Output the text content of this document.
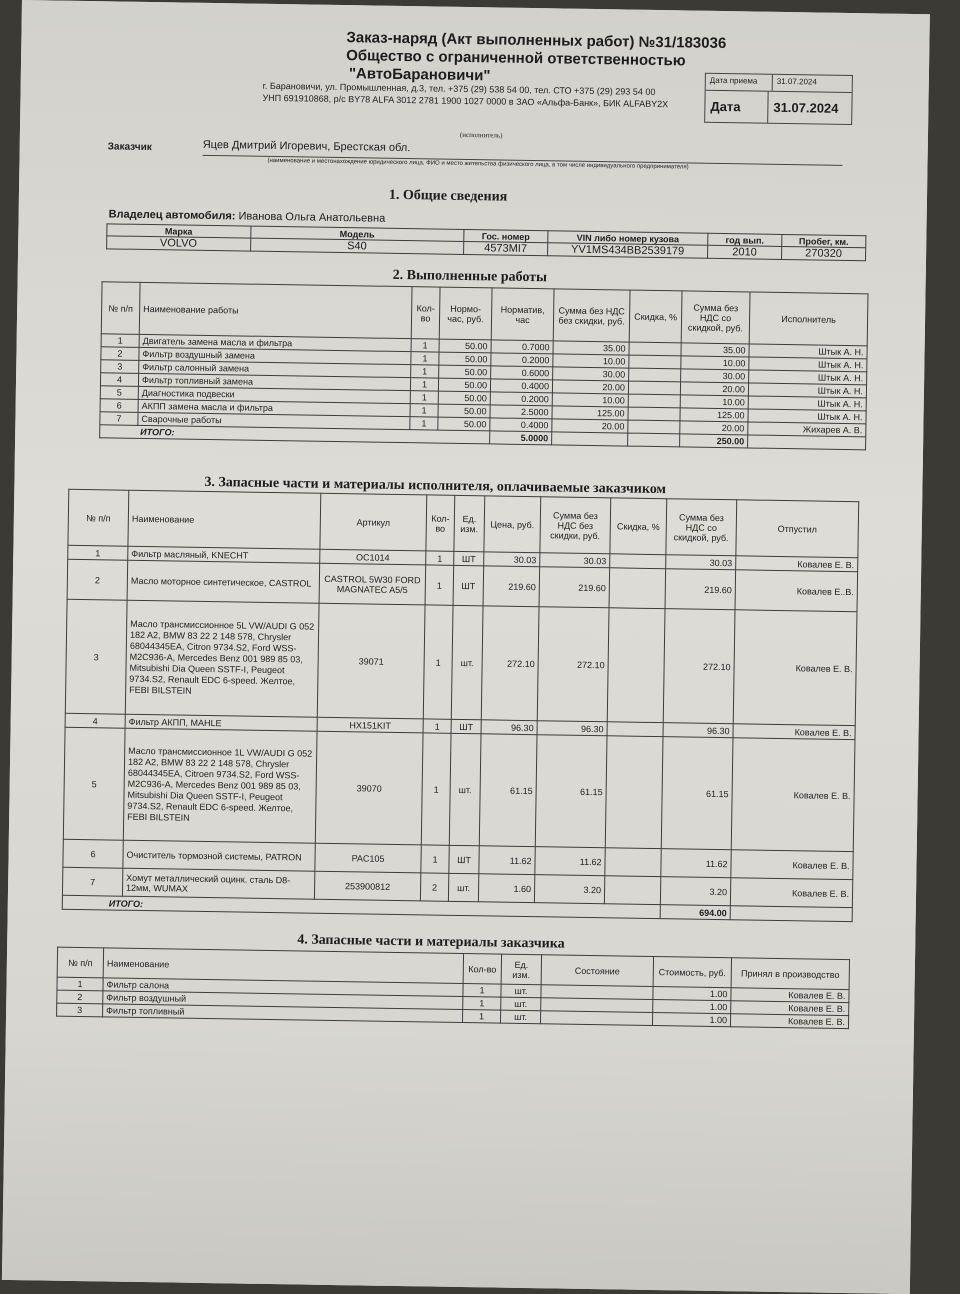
Заказ-наряд (Акт выполненных работ) №31/183036
Общество с ограниченной ответственностью
"АвтоБарановичи"
г. Барановичи, ул. Промышленная, д.3, тел. +375 (29) 538 54 00, тел. СТО +375 (29) 293 54 00
УНП 691910868, р/с BY78 ALFA 3012 2781 1900 1027 0000 в ЗАО «Альфа-Банк», БИК ALFABY2X
(исполнитель)
Дата приема	31.07.2024
Дата	31.07.2024
Заказчик	Яцев Дмитрий Игоревич, Брестская обл.
(наименование и местонахождение юридического лица, ФИО и место жительства физического лица, в том числе индивидуального предпринимателя)
1. Общие сведения
Владелец автомобиля: Иванова Ольга Анатольевна
Марка	Модель	Гос. номер	VIN либо номер кузова	год вып.	Пробег, км.
VOLVO	S40	4573MI7	YV1MS434BB2539179	2010	270320
2. Выполненные работы
№ п/п	Наименование работы	Кол-во	Нормо-час, руб.	Норматив, час	Сумма без НДС без скидки, руб.	Скидка, %	Сумма без НДС со скидкой, руб.	Исполнитель
1	Двигатель замена масла и фильтра	1	50.00	0.7000	35.00		35.00	Штык А. Н.
2	Фильтр воздушный замена	1	50.00	0.2000	10.00		10.00	Штык А. Н.
3	Фильтр салонный замена	1	50.00	0.6000	30.00		30.00	Штык А. Н.
4	Фильтр топливный замена	1	50.00	0.4000	20.00		20.00	Штык А. Н.
5	Диагностика подвески	1	50.00	0.2000	10.00		10.00	Штык А. Н.
6	АКПП замена масла и фильтра	1	50.00	2.5000	125.00		125.00	Штык А. Н.
7	Сварочные работы	1	50.00	0.4000	20.00		20.00	Жихарев А. В.
ИТОГО:				5.0000			250.00	
3. Запасные части и материалы исполнителя, оплачиваемые заказчиком
№ п/п	Наименование	Артикул	Кол-во	Ед. изм.	Цена, руб.	Сумма без НДС без скидки, руб.	Скидка, %	Сумма без НДС со скидкой, руб.	Отпустил
1	Фильтр масляный, KNECHT	OC1014	1	ШТ	30.03	30.03		30.03	Ковалев Е. В.
2	Масло моторное синтетическое, CASTROL	CASTROL 5W30 FORD MAGNATEC A5/5	1	ШТ	219.60	219.60		219.60	Ковалев Е..В.
3	Масло трансмиссионное 5L VW/AUDI G 052 182 A2, BMW 83 22 2 148 578, Chrysler 68044345EA, Citron 9734.S2, Ford WSS-M2C936-A, Mercedes Benz 001 989 85 03, Mitsubishi Dia Queen SSTF-I, Peugeot 9734.S2, Renault EDC 6-speed. Желтое, FEBI BILSTEIN	39071	1	шт.	272.10	272.10		272.10	Ковалев Е. В.
4	Фильтр АКПП, MAHLE	HX151KIT	1	ШТ	96.30	96.30		96.30	Ковалев Е. В.
5	Масло трансмиссионное 1L VW/AUDI G 052 182 A2, BMW 83 22 2 148 578, Chrysler 68044345EA, Citroen 9734.S2, Ford WSS-M2C936-A, Mercedes Benz 001 989 85 03, Mitsubishi Dia Queen SSTF-I, Peugeot 9734.S2, Renault EDC 6-speed. Желтое, FEBI BILSTEIN	39070	1	шт.	61.15	61.15		61.15	Ковалев Е. В.
6	Очиститель тормозной системы, PATRON	PAC105	1	ШТ	11.62	11.62		11.62	Ковалев Е. В.
7	Хомут металлический оцинк. сталь D8-12мм, WUMAX	253900812	2	шт.	1.60	3.20		3.20	Ковалев Е. В.
ИТОГО:								694.00	
4. Запасные части и материалы заказчика
№ п/п	Наименование	Кол-во	Ед. изм.	Состояние	Стоимость, руб.	Принял в производство
1	Фильтр салона	1	шт.		1.00	Ковалев Е. В.
2	Фильтр воздушный	1	шт.		1.00	Ковалев Е. В.
3	Фильтр топливный	1	шт.		1.00	Ковалев Е. В.
